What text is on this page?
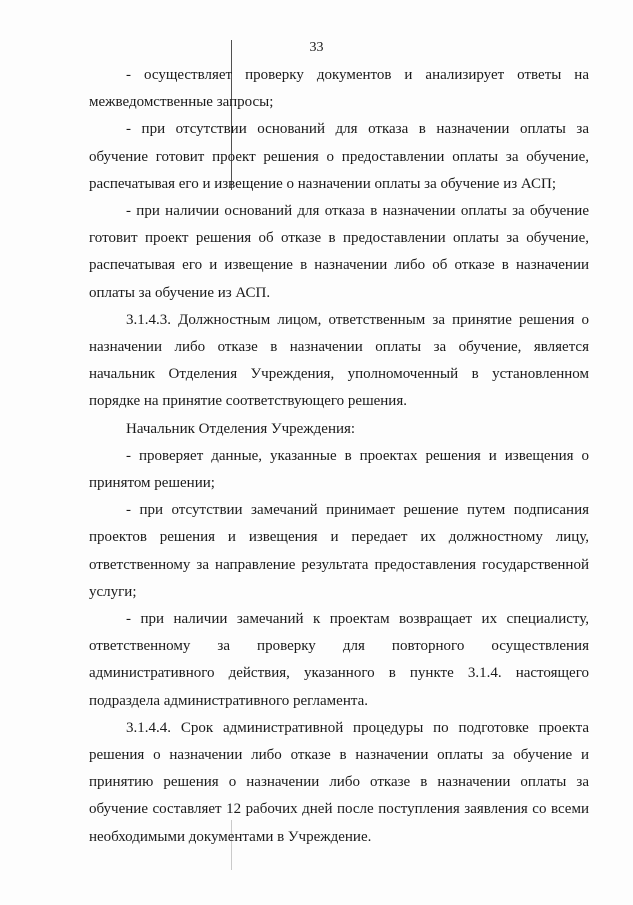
33

- осуществляет проверку документов и анализирует ответы на межведомственные запросы;

- при отсутствии оснований для отказа в назначении оплаты за обучение готовит проект решения о предоставлении оплаты за обучение, распечатывая его и извещение о назначении оплаты за обучение из АСП;

- при наличии оснований для отказа в назначении оплаты за обучение готовит проект решения об отказе в предоставлении оплаты за обучение, распечатывая его и извещение в назначении либо об отказе в назначении оплаты за обучение из АСП.

3.1.4.3. Должностным лицом, ответственным за принятие решения о назначении либо отказе в назначении оплаты за обучение, является начальник Отделения Учреждения, уполномоченный в установленном порядке на принятие соответствующего решения.

Начальник Отделения Учреждения:

- проверяет данные, указанные в проектах решения и извещения о принятом решении;

- при отсутствии замечаний принимает решение путем подписания проектов решения и извещения и передает их должностному лицу, ответственному за направление результата предоставления государственной услуги;

- при наличии замечаний к проектам возвращает их специалисту, ответственному за проверку для повторного осуществления административного действия, указанного в пункте 3.1.4. настоящего подраздела административного регламента.

3.1.4.4. Срок административной процедуры по подготовке проекта решения о назначении либо отказе в назначении оплаты за обучение и принятию решения о назначении либо отказе в назначении оплаты за обучение составляет 12 рабочих дней после поступления заявления со всеми необходимыми документами в Учреждение.
